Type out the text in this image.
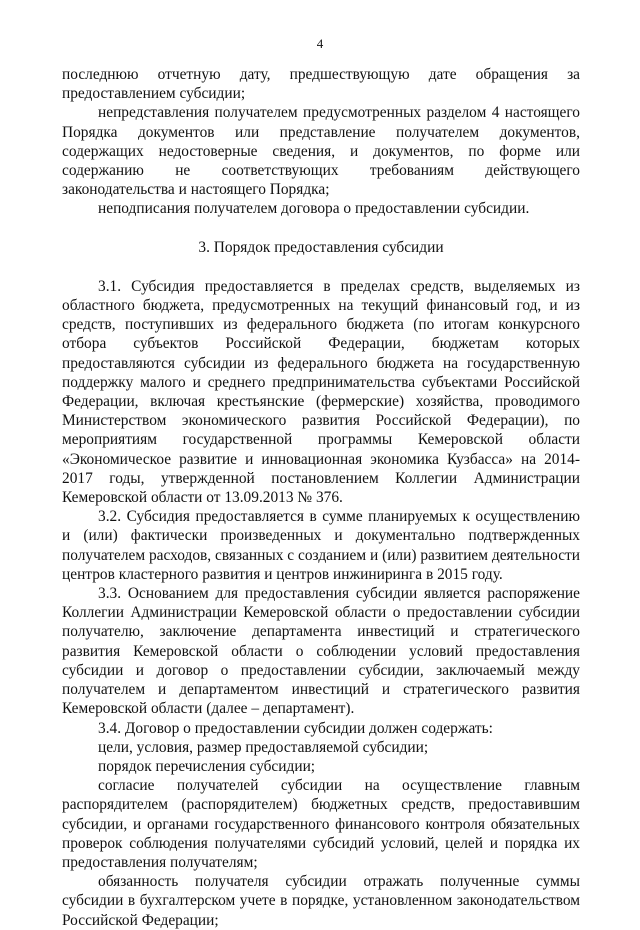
4

последнюю отчетную дату, предшествующую дате обращения за предоставлением субсидии;

непредставления получателем предусмотренных разделом 4 настоящего Порядка документов или представление получателем документов, содержащих недостоверные сведения, и документов, по форме или содержанию не соответствующих требованиям действующего законодательства и настоящего Порядка;

неподписания получателем договора о предоставлении субсидии.

3. Порядок предоставления субсидии

3.1. Субсидия предоставляется в пределах средств, выделяемых из областного бюджета, предусмотренных на текущий финансовый год, и из средств, поступивших из федерального бюджета (по итогам конкурсного отбора субъектов Российской Федерации, бюджетам которых предоставляются субсидии из федерального бюджета на государственную поддержку малого и среднего предпринимательства субъектами Российской Федерации, включая крестьянские (фермерские) хозяйства, проводимого Министерством экономического развития Российской Федерации), по мероприятиям государственной программы Кемеровской области «Экономическое развитие и инновационная экономика Кузбасса» на 2014-2017 годы, утвержденной постановлением Коллегии Администрации Кемеровской области от 13.09.2013 № 376.

3.2. Субсидия предоставляется в сумме планируемых к осуществлению и (или) фактически произведенных и документально подтвержденных получателем расходов, связанных с созданием и (или) развитием деятельности центров кластерного развития и центров инжиниринга в 2015 году.

3.3. Основанием для предоставления субсидии является распоряжение Коллегии Администрации Кемеровской области о предоставлении субсидии получателю, заключение департамента инвестиций и стратегического развития Кемеровской области о соблюдении условий предоставления субсидии и договор о предоставлении субсидии, заключаемый между получателем и департаментом инвестиций и стратегического развития Кемеровской области (далее – департамент).

3.4. Договор о предоставлении субсидии должен содержать:

цели, условия, размер предоставляемой субсидии;

порядок перечисления субсидии;

согласие получателей субсидии на осуществление главным распорядителем (распорядителем) бюджетных средств, предоставившим субсидии, и органами государственного финансового контроля обязательных проверок соблюдения получателями субсидий условий, целей и порядка их предоставления получателям;

обязанность получателя субсидии отражать полученные суммы субсидии в бухгалтерском учете в порядке, установленном законодательством Российской Федерации;
